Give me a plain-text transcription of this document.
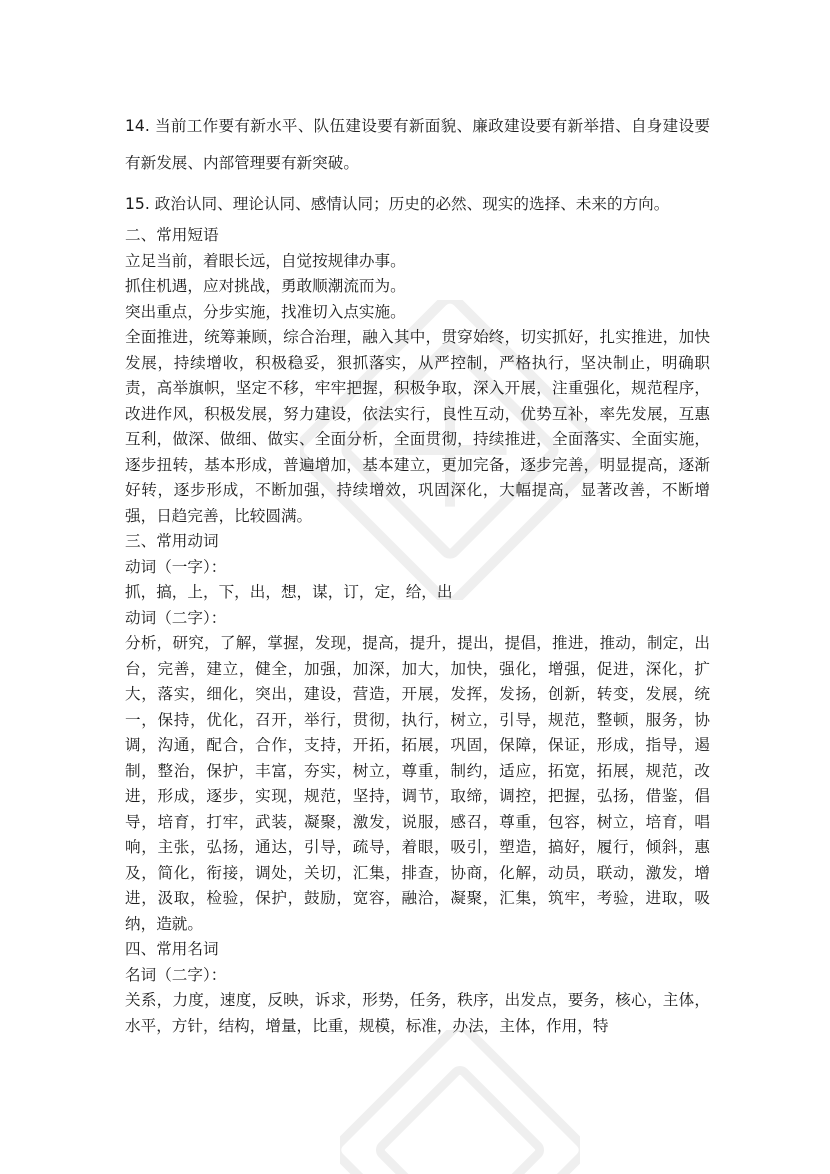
14. 当前工作要有新水平、队伍建设要有新面貌、廉政建设要有新举措、自身建设要有新发展、内部管理要有新突破。

15. 政治认同、理论认同、感情认同；历史的必然、现实的选择、未来的方向。

二、常用短语

立足当前，着眼长远，自觉按规律办事。

抓住机遇，应对挑战，勇敢顺潮流而为。

突出重点，分步实施，找准切入点实施。

全面推进，统筹兼顾，综合治理，融入其中，贯穿始终，切实抓好，扎实推进，加快发展，持续增收，积极稳妥，狠抓落实，从严控制，严格执行，坚决制止，明确职责，高举旗帜，坚定不移，牢牢把握，积极争取，深入开展，注重强化，规范程序，改进作风，积极发展，努力建设，依法实行，良性互动，优势互补，率先发展，互惠互利，做深、做细、做实、全面分析，全面贯彻，持续推进，全面落实、全面实施，逐步扭转，基本形成，普遍增加，基本建立，更加完备，逐步完善，明显提高，逐渐好转，逐步形成，不断加强，持续增效，巩固深化，大幅提高，显著改善，不断增强，日趋完善，比较圆满。

三、常用动词

动词（一字）：

抓，搞，上，下，出，想，谋，订，定，给，出

动词（二字）：

分析，研究，了解，掌握，发现，提高，提升，提出，提倡，推进，推动，制定，出台，完善，建立，健全，加强，加深，加大，加快，强化，增强，促进，深化，扩大，落实，细化，突出，建设，营造，开展，发挥，发扬，创新，转变，发展，统一，保持，优化，召开，举行，贯彻，执行，树立，引导，规范，整顿，服务，协调，沟通，配合，合作，支持，开拓，拓展，巩固，保障，保证，形成，指导，遏制，整治，保护，丰富，夯实，树立，尊重，制约，适应，拓宽，拓展，规范，改进，形成，逐步，实现，规范，坚持，调节，取缔，调控，把握，弘扬，借鉴，倡导，培育，打牢，武装，凝聚，激发，说服，感召，尊重，包容，树立，培育，唱响，主张，弘扬，通达，引导，疏导，着眼，吸引，塑造，搞好，履行，倾斜，惠及，简化，衔接，调处，关切，汇集，排查，协商，化解，动员，联动，激发，增进，汲取，检验，保护，鼓励，宽容，融洽，凝聚，汇集，筑牢，考验，进取，吸纳，造就。

四、常用名词

名词（二字）：

关系，力度，速度，反映，诉求，形势，任务，秩序，出发点，要务，核心，主体，水平，方针，结构，增量，比重，规模，标准，办法，主体，作用，特
